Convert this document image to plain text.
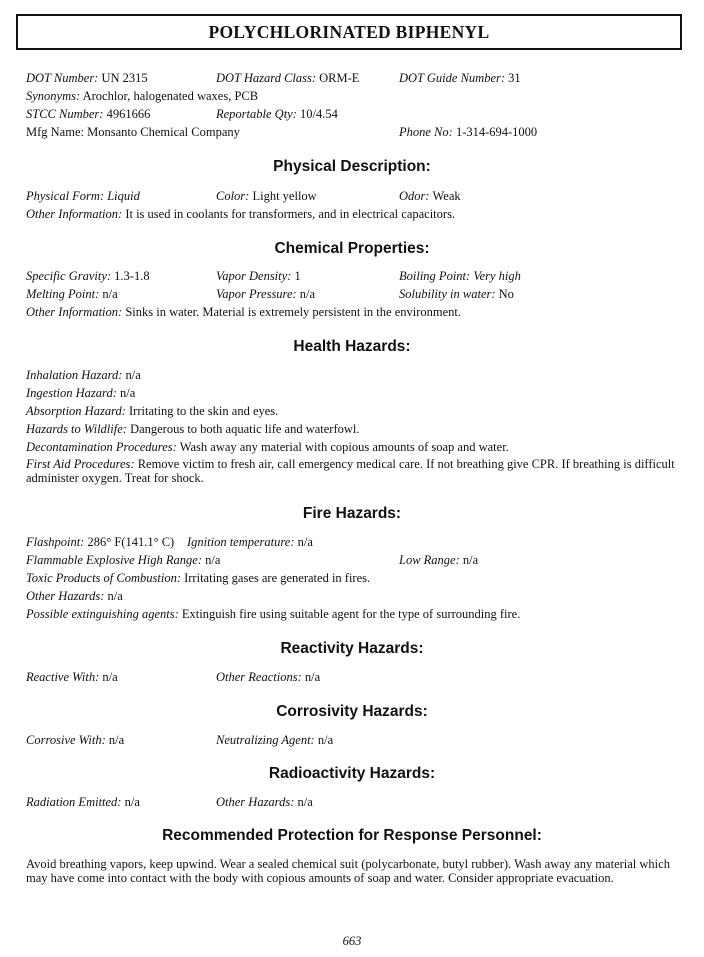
POLYCHLORINATED BIPHENYL
DOT Number: UN 2315	DOT Hazard Class: ORM-E	DOT Guide Number: 31
Synonyms: Arochlor, halogenated waxes, PCB
STCC Number: 4961666	Reportable Qty: 10/4.54
Mfg Name: Monsanto Chemical Company	Phone No: 1-314-694-1000
Physical Description:
Physical Form: Liquid	Color: Light yellow	Odor: Weak
Other Information: It is used in coolants for transformers, and in electrical capacitors.
Chemical Properties:
Specific Gravity: 1.3-1.8	Vapor Density: 1	Boiling Point: Very high
Melting Point: n/a	Vapor Pressure: n/a	Solubility in water: No
Other Information: Sinks in water. Material is extremely persistent in the environment.
Health Hazards:
Inhalation Hazard: n/a
Ingestion Hazard: n/a
Absorption Hazard: Irritating to the skin and eyes.
Hazards to Wildlife: Dangerous to both aquatic life and waterfowl.
Decontamination Procedures: Wash away any material with copious amounts of soap and water.
First Aid Procedures: Remove victim to fresh air, call emergency medical care. If not breathing give CPR. If breathing is difficult administer oxygen. Treat for shock.
Fire Hazards:
Flashpoint: 286° F(141.1° C) Ignition temperature: n/a
Flammable Explosive High Range: n/a	Low Range: n/a
Toxic Products of Combustion: Irritating gases are generated in fires.
Other Hazards: n/a
Possible extinguishing agents: Extinguish fire using suitable agent for the type of surrounding fire.
Reactivity Hazards:
Reactive With: n/a	Other Reactions: n/a
Corrosivity Hazards:
Corrosive With: n/a	Neutralizing Agent: n/a
Radioactivity Hazards:
Radiation Emitted: n/a	Other Hazards: n/a
Recommended Protection for Response Personnel:
Avoid breathing vapors, keep upwind. Wear a sealed chemical suit (polycarbonate, butyl rubber). Wash away any material which may have come into contact with the body with copious amounts of soap and water. Consider appropriate evacuation.
663
